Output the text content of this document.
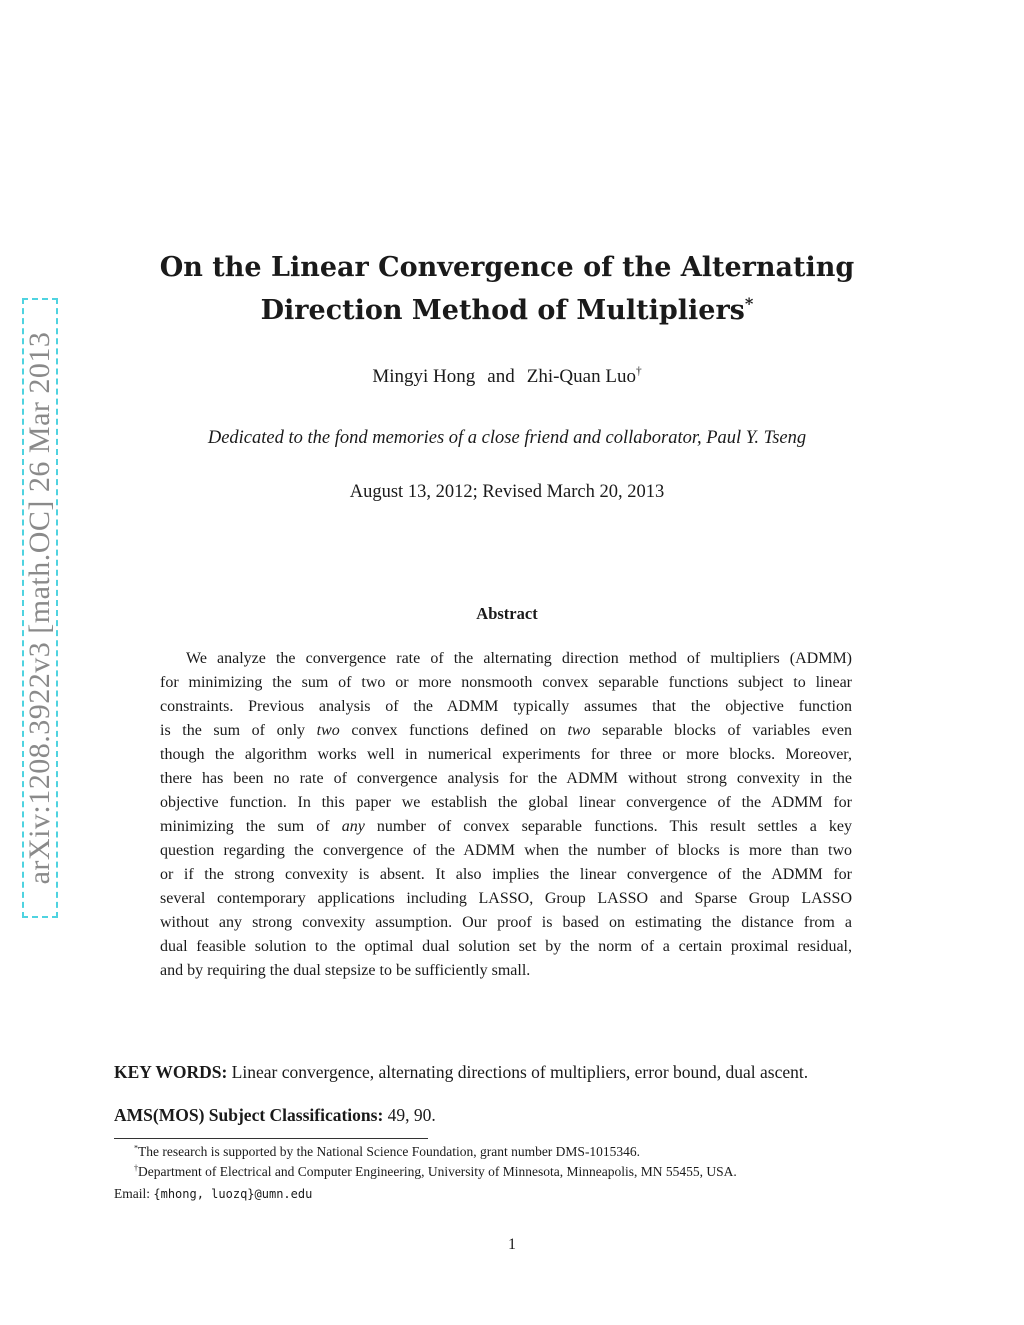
arXiv:1208.3922v3 [math.OC] 26 Mar 2013
On the Linear Convergence of the Alternating
Direction Method of Multipliers*
Mingyi Hong and Zhi-Quan Luo†
Dedicated to the fond memories of a close friend and collaborator, Paul Y. Tseng
August 13, 2012; Revised March 20, 2013
Abstract
We analyze the convergence rate of the alternating direction method of multipliers (ADMM)
for minimizing the sum of two or more nonsmooth convex separable functions subject to linear
constraints. Previous analysis of the ADMM typically assumes that the objective function
is the sum of only two convex functions defined on two separable blocks of variables even
though the algorithm works well in numerical experiments for three or more blocks. Moreover,
there has been no rate of convergence analysis for the ADMM without strong convexity in the
objective function. In this paper we establish the global linear convergence of the ADMM for
minimizing the sum of any number of convex separable functions. This result settles a key
question regarding the convergence of the ADMM when the number of blocks is more than two
or if the strong convexity is absent. It also implies the linear convergence of the ADMM for
several contemporary applications including LASSO, Group LASSO and Sparse Group LASSO
without any strong convexity assumption. Our proof is based on estimating the distance from a
dual feasible solution to the optimal dual solution set by the norm of a certain proximal residual,
and by requiring the dual stepsize to be sufficiently small.
KEY WORDS: Linear convergence, alternating directions of multipliers, error bound, dual ascent.
AMS(MOS) Subject Classifications: 49, 90.
*The research is supported by the National Science Foundation, grant number DMS-1015346.
†Department of Electrical and Computer Engineering, University of Minnesota, Minneapolis, MN 55455, USA.
Email: {mhong, luozq}@umn.edu
1
